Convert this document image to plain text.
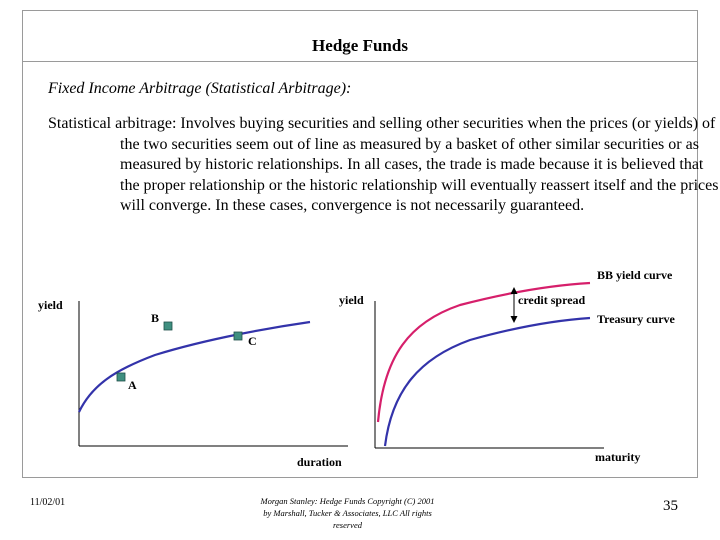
Hedge Funds
Fixed Income Arbitrage (Statistical Arbitrage):
Statistical arbitrage: Involves buying securities and selling other securities when the prices (or yields) of the two securities seem out of line as measured by a basket of other similar securities or as measured by historic relationships. In all cases, the trade is made because it is believed that the proper relationship or the historic relationship will eventually reassert itself and the prices will converge. In these cases, convergence is not necessarily guaranteed.
yield
duration
A
B
C
yield
maturity
BB yield curve
Treasury curve
credit spread
11/02/01	Morgan Stanley: Hedge Funds Copyright (C) 2001
by Marshall, Tucker & Associates, LLC All rights
reserved
35
